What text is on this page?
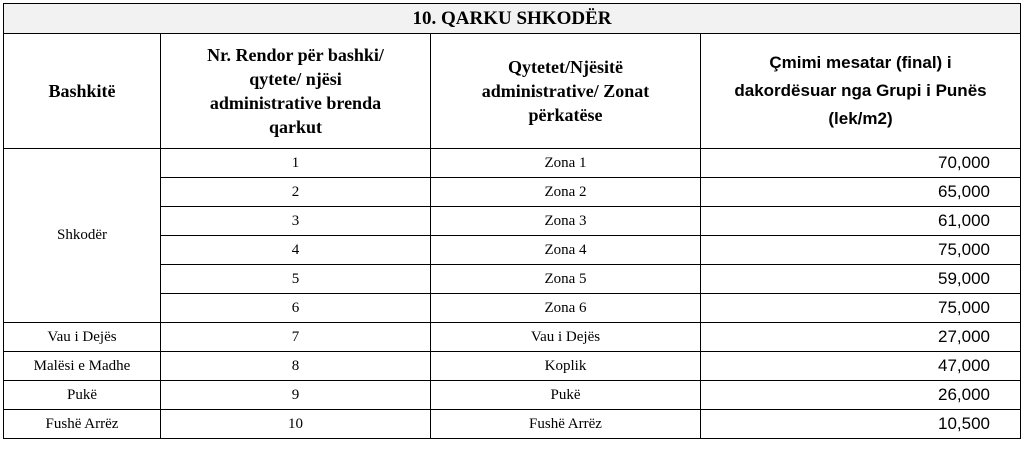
10. QARKU SHKODËR			
Bashkitë	Nr. Rendor për bashki/
qytete/ njësi
administrative brenda
qarkut	Qytetet/Njësitë
administrative/ Zonat
përkatëse	Çmimi mesatar (final) i
dakordësuar nga Grupi i Punës
(lek/m2)

Shkodër	1	Zona 1	70,000
	2	Zona 2	65,000
	3	Zona 3	61,000
	4	Zona 4	75,000
	5	Zona 5	59,000
	6	Zona 6	75,000
Vau i Dejës	7	Vau i Dejës	27,000
Malësi e Madhe	8	Koplik	47,000
Pukë	9	Pukë	26,000
Fushë Arrëz	10	Fushë Arrëz	10,500
